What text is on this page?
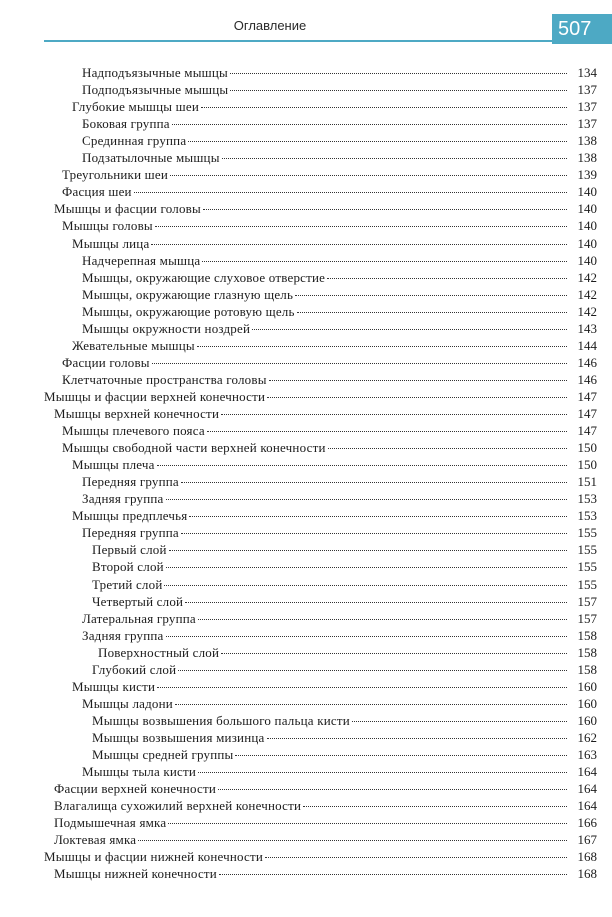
Оглавление	507
Надподъязычные мышцы	134
Подподъязычные мышцы	137
Глубокие мышцы шеи	137
Боковая группа	137
Срединная группа	138
Подзатылочные мышцы	138
Треугольники шеи	139
Фасция шеи	140
Мышцы и фасции головы	140
Мышцы головы	140
Мышцы лица	140
Надчерепная мышца	140
Мышцы, окружающие слуховое отверстие	142
Мышцы, окружающие глазную щель	142
Мышцы, окружающие ротовую щель	142
Мышцы окружности ноздрей	143
Жевательные мышцы	144
Фасции головы	146
Клетчаточные пространства головы	146
Мышцы и фасции верхней конечности	147
Мышцы верхней конечности	147
Мышцы плечевого пояса	147
Мышцы свободной части верхней конечности	150
Мышцы плеча	150
Передняя группа	151
Задняя группа	153
Мышцы предплечья	153
Передняя группа	155
Первый слой	155
Второй слой	155
Третий слой	155
Четвертый слой	157
Латеральная группа	157
Задняя группа	158
Поверхностный слой	158
Глубокий слой	158
Мышцы кисти	160
Мышцы ладони	160
Мышцы возвышения большого пальца кисти	160
Мышцы возвышения мизинца	162
Мышцы средней группы	163
Мышцы тыла кисти	164
Фасции верхней конечности	164
Влагалища сухожилий верхней конечности	164
Подмышечная ямка	166
Локтевая ямка	167
Мышцы и фасции нижней конечности	168
Мышцы нижней конечности	168
